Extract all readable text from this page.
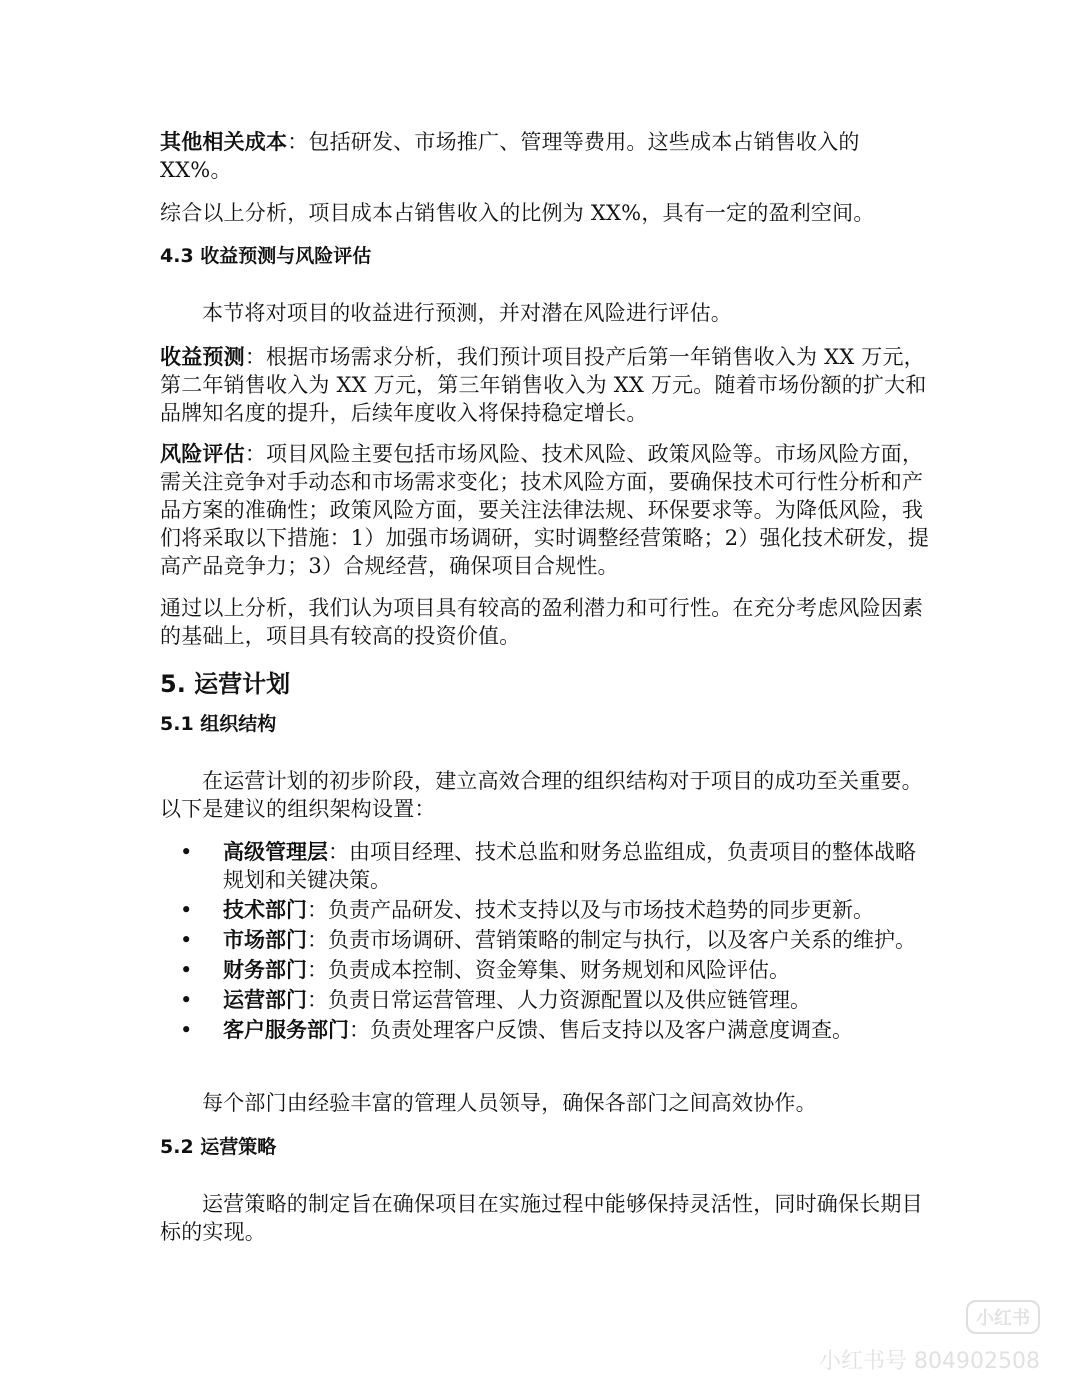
其他相关成本：包括研发、市场推广、管理等费用。这些成本占销售收入的 XX%。

综合以上分析，项目成本占销售收入的比例为 XX%，具有一定的盈利空间。

4.3 收益预测与风险评估

本节将对项目的收益进行预测，并对潜在风险进行评估。

收益预测：根据市场需求分析，我们预计项目投产后第一年销售收入为 XX 万元，第二年销售收入为 XX 万元，第三年销售收入为 XX 万元。随着市场份额的扩大和品牌知名度的提升，后续年度收入将保持稳定增长。

风险评估：项目风险主要包括市场风险、技术风险、政策风险等。市场风险方面，需关注竞争对手动态和市场需求变化；技术风险方面，要确保技术可行性分析和产品方案的准确性；政策风险方面，要关注法律法规、环保要求等。为降低风险，我们将采取以下措施：1）加强市场调研，实时调整经营策略；2）强化技术研发，提高产品竞争力；3）合规经营，确保项目合规性。

通过以上分析，我们认为项目具有较高的盈利潜力和可行性。在充分考虑风险因素的基础上，项目具有较高的投资价值。

5. 运营计划
5.1 组织结构

在运营计划的初步阶段，建立高效合理的组织结构对于项目的成功至关重要。以下是建议的组织架构设置：

• 高级管理层：由项目经理、技术总监和财务总监组成，负责项目的整体战略规划和关键决策。
• 技术部门：负责产品研发、技术支持以及与市场技术趋势的同步更新。
• 市场部门：负责市场调研、营销策略的制定与执行，以及客户关系的维护。
• 财务部门：负责成本控制、资金筹集、财务规划和风险评估。
• 运营部门：负责日常运营管理、人力资源配置以及供应链管理。
• 客户服务部门：负责处理客户反馈、售后支持以及客户满意度调查。

每个部门由经验丰富的管理人员领导，确保各部门之间高效协作。

5.2 运营策略

运营策略的制定旨在确保项目在实施过程中能够保持灵活性，同时确保长期目标的实现。

小红书
小红书号 804902508
